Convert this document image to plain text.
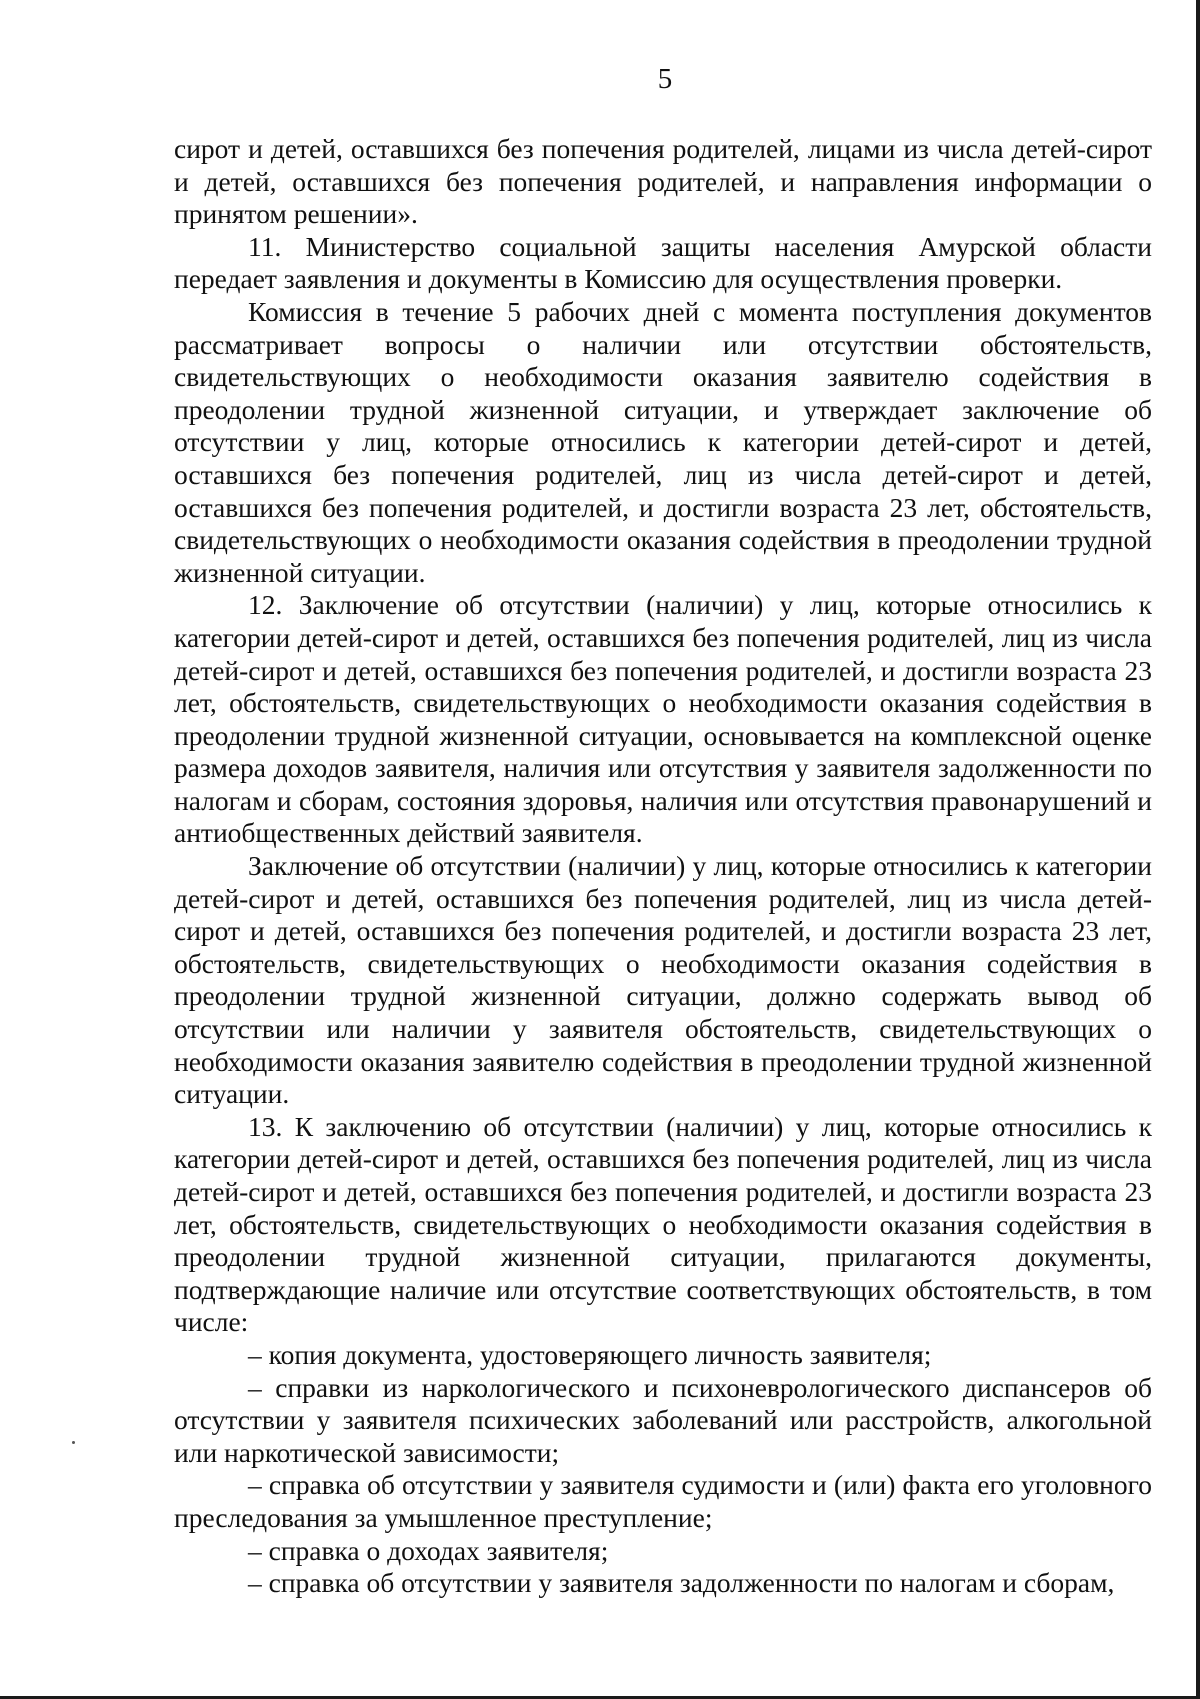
5

сирот и детей, оставшихся без попечения родителей, лицами из числа детей-сирот и детей, оставшихся без попечения родителей, и направления информации о принятом решении».

11. Министерство социальной защиты населения Амурской области передает заявления и документы в Комиссию для осуществления проверки.

Комиссия в течение 5 рабочих дней с момента поступления документов рассматривает вопросы о наличии или отсутствии обстоятельств, свидетельствующих о необходимости оказания заявителю содействия в преодолении трудной жизненной ситуации, и утверждает заключение об отсутствии у лиц, которые относились к категории детей-сирот и детей, оставшихся без попечения родителей, лиц из числа детей-сирот и детей, оставшихся без попечения родителей, и достигли возраста 23 лет, обстоятельств, свидетельствующих о необходимости оказания содействия в преодолении трудной жизненной ситуации.

12. Заключение об отсутствии (наличии) у лиц, которые относились к категории детей-сирот и детей, оставшихся без попечения родителей, лиц из числа детей-сирот и детей, оставшихся без попечения родителей, и достигли возраста 23 лет, обстоятельств, свидетельствующих о необходимости оказания содействия в преодолении трудной жизненной ситуации, основывается на комплексной оценке размера доходов заявителя, наличия или отсутствия у заявителя задолженности по налогам и сборам, состояния здоровья, наличия или отсутствия правонарушений и антиобщественных действий заявителя.

Заключение об отсутствии (наличии) у лиц, которые относились к категории детей-сирот и детей, оставшихся без попечения родителей, лиц из числа детей-сирот и детей, оставшихся без попечения родителей, и достигли возраста 23 лет, обстоятельств, свидетельствующих о необходимости оказания содействия в преодолении трудной жизненной ситуации, должно содержать вывод об отсутствии или наличии у заявителя обстоятельств, свидетельствующих о необходимости оказания заявителю содействия в преодолении трудной жизненной ситуации.

13. К заключению об отсутствии (наличии) у лиц, которые относились к категории детей-сирот и детей, оставшихся без попечения родителей, лиц из числа детей-сирот и детей, оставшихся без попечения родителей, и достигли возраста 23 лет, обстоятельств, свидетельствующих о необходимости оказания содействия в преодолении трудной жизненной ситуации, прилагаются документы, подтверждающие наличие или отсутствие соответствующих обстоятельств, в том числе:

– копия документа, удостоверяющего личность заявителя;

– справки из наркологического и психоневрологического диспансеров об отсутствии у заявителя психических заболеваний или расстройств, алкогольной или наркотической зависимости;

– справка об отсутствии у заявителя судимости и (или) факта его уголовного преследования за умышленное преступление;

– справка о доходах заявителя;

– справка об отсутствии у заявителя задолженности по налогам и сборам,
